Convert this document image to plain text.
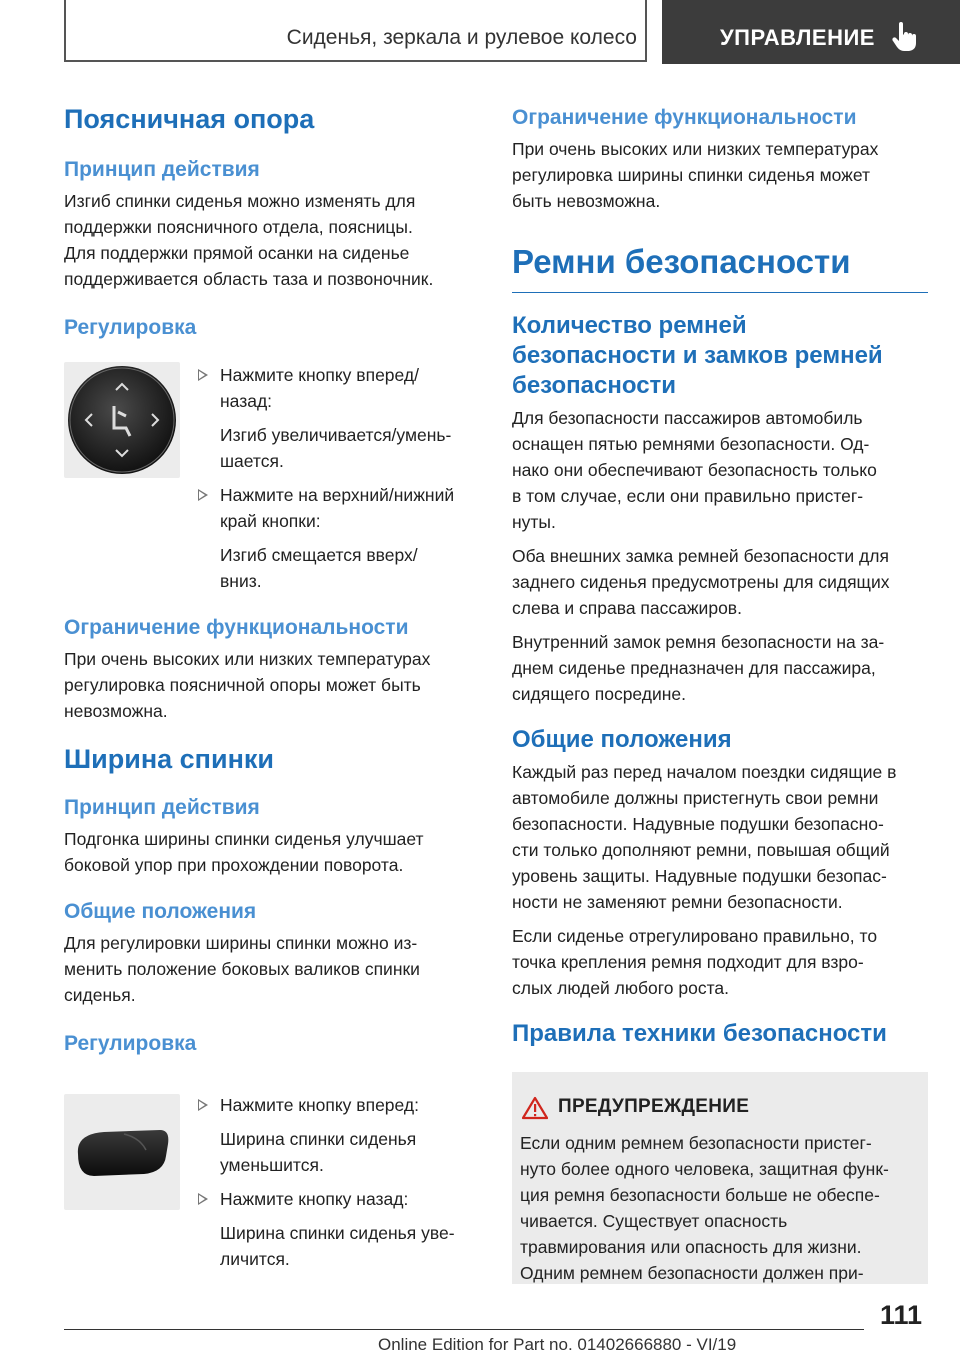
Сиденья, зеркала и рулевое колесо	УПРАВЛЕНИЕ
Поясничная опора
Принцип действия
Изгиб спинки сиденья можно изменять для
поддержки поясничного отдела, поясницы.
Для поддержки прямой осанки на сиденье
поддерживается область таза и позвоночник.
Регулировка
Нажмите кнопку вперед/
назад:
Изгиб увеличивается/умень-
шается.
Нажмите на верхний/нижний
край кнопки:
Изгиб смещается вверх/
вниз.
Ограничение функциональности
При очень высоких или низких температурах
регулировка поясничной опоры может быть
невозможна.
Ширина спинки
Принцип действия
Подгонка ширины спинки сиденья улучшает
боковой упор при прохождении поворота.
Общие положения
Для регулировки ширины спинки можно из-
менить положение боковых валиков спинки
сиденья.
Регулировка
Нажмите кнопку вперед:
Ширина спинки сиденья
уменьшится.
Нажмите кнопку назад:
Ширина спинки сиденья уве-
личится.
Ограничение функциональности
При очень высоких или низких температурах
регулировка ширины спинки сиденья может
быть невозможна.
Ремни безопасности
Количество ремней
безопасности и замков ремней
безопасности
Для безопасности пассажиров автомобиль
оснащен пятью ремнями безопасности. Од-
нако они обеспечивают безопасность только
в том случае, если они правильно пристег-
нуты.
Оба внешних замка ремней безопасности для
заднего сиденья предусмотрены для сидящих
слева и справа пассажиров.
Внутренний замок ремня безопасности на за-
днем сиденье предназначен для пассажира,
сидящего посредине.
Общие положения
Каждый раз перед началом поездки сидящие в
автомобиле должны пристегнуть свои ремни
безопасности. Надувные подушки безопасно-
сти только дополняют ремни, повышая общий
уровень защиты. Надувные подушки безопас-
ности не заменяют ремни безопасности.
Если сиденье отрегулировано правильно, то
точка крепления ремня подходит для взро-
слых людей любого роста.
Правила техники безопасности
ПРЕДУПРЕЖДЕНИЕ
Если одним ремнем безопасности пристег-
нуто более одного человека, защитная функ-
ция ремня безопасности больше не обеспе-
чивается. Существует опасность
травмирования или опасность для жизни.
Одним ремнем безопасности должен при-
111
Online Edition for Part no. 01402666880 - VI/19
